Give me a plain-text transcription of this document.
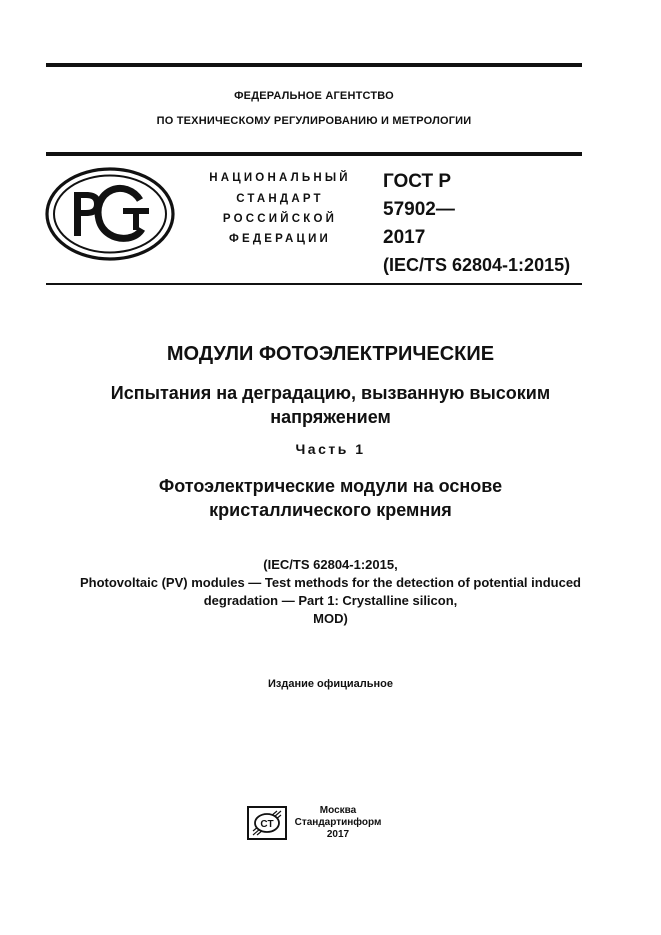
ФЕДЕРАЛЬНОЕ АГЕНТСТВО
ПО ТЕХНИЧЕСКОМУ РЕГУЛИРОВАНИЮ И МЕТРОЛОГИИ
НАЦИОНАЛЬНЫЙ
СТАНДАРТ
РОССИЙСКОЙ
ФЕДЕРАЦИИ
ГОСТ Р
57902—
2017
(IEC/TS 62804-1:2015)
МОДУЛИ ФОТОЭЛЕКТРИЧЕСКИЕ
Испытания на деградацию, вызванную высоким
напряжением
Часть 1
Фотоэлектрические модули на основе
кристаллического кремния
(IEC/TS 62804-1:2015,
Photovoltaic (PV) modules — Test methods for the detection of potential induced
degradation — Part 1: Crystalline silicon,
MOD)
Издание официальное
CT
Москва
Стандартинформ
2017
